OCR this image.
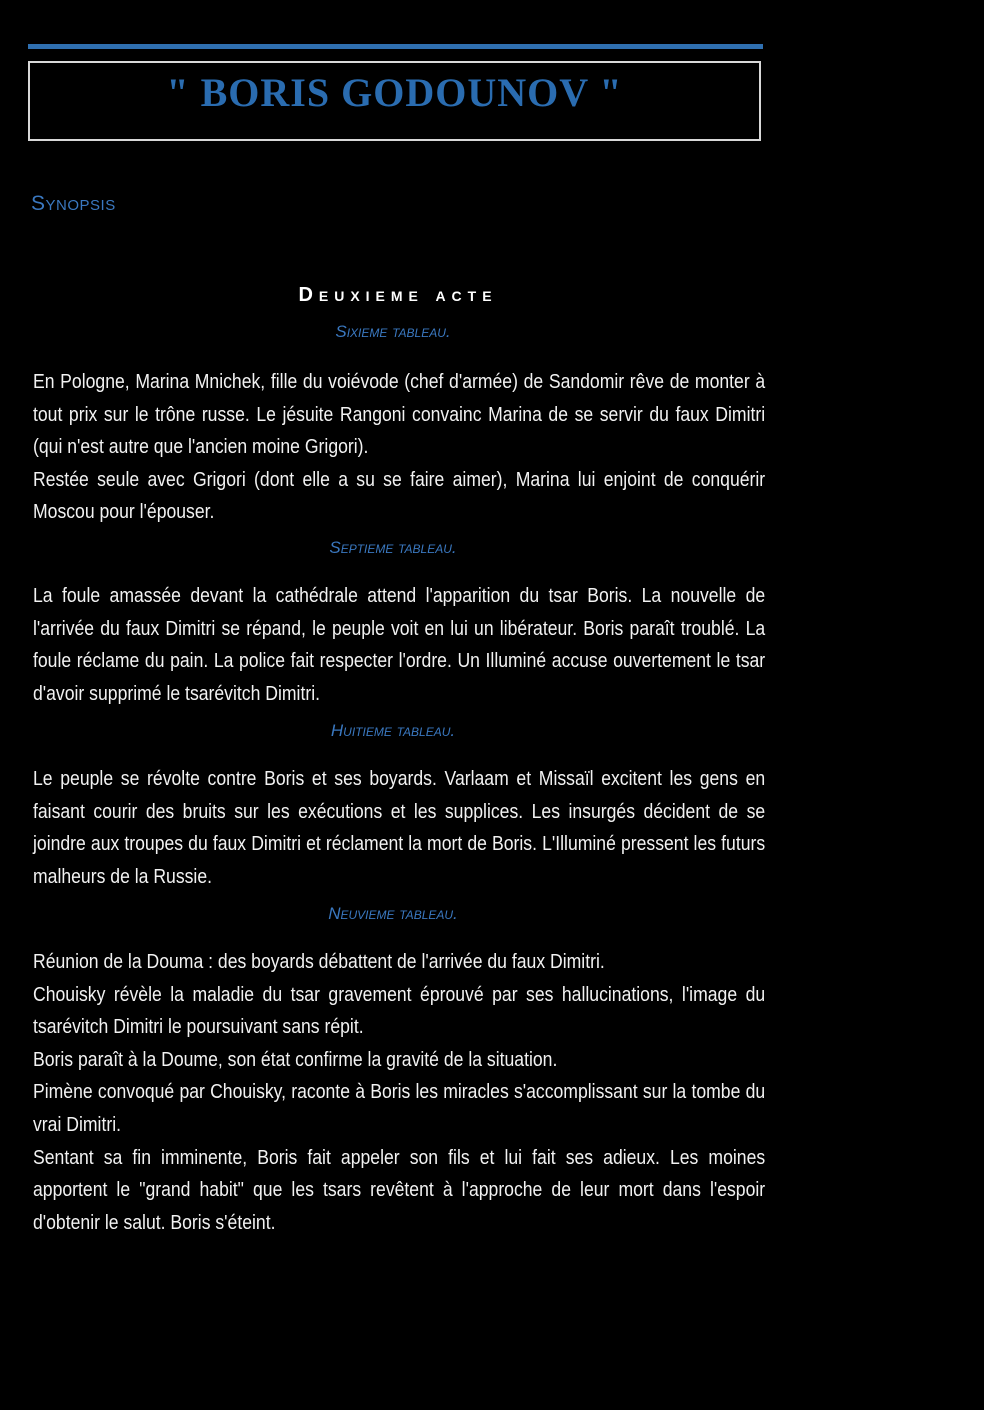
" BORIS GODOUNOV "
Synopsis
Deuxieme acte
Sixieme tableau.

En Pologne, Marina Mnichek, fille du voiévode (chef d'armée) de Sandomir rêve de monter à tout prix sur le trône russe. Le jésuite Rangoni convainc Marina de se servir du faux Dimitri (qui n'est autre que l'ancien moine Grigori).

Restée seule avec Grigori (dont elle a su se faire aimer), Marina lui enjoint de conquérir Moscou pour l'épouser.

Septieme tableau.

La foule amassée devant la cathédrale attend l'apparition du tsar Boris. La nouvelle de l'arrivée du faux Dimitri se répand, le peuple voit en lui un libérateur. Boris paraît troublé. La foule réclame du pain. La police fait respecter l'ordre. Un Illuminé accuse ouvertement le tsar d'avoir supprimé le tsarévitch Dimitri.

Huitieme tableau.

Le peuple se révolte contre Boris et ses boyards. Varlaam et Missaïl excitent les gens en faisant courir des bruits sur les exécutions et les supplices. Les insurgés décident de se joindre aux troupes du faux Dimitri et réclament la mort de Boris. L'Illuminé pressent les futurs malheurs de la Russie.

Neuvieme tableau.

Réunion de la Douma : des boyards débattent de l'arrivée du faux Dimitri.

Chouisky révèle la maladie du tsar gravement éprouvé par ses hallucinations, l'image du tsarévitch Dimitri le poursuivant sans répit.

Boris paraît à la Doume, son état confirme la gravité de la situation.

Pimène convoqué par Chouisky, raconte à Boris les miracles s'accomplissant sur la tombe du vrai Dimitri.

Sentant sa fin imminente, Boris fait appeler son fils et lui fait ses adieux. Les moines apportent le "grand habit" que les tsars revêtent à l'approche de leur mort dans l'espoir d'obtenir le salut. Boris s'éteint.
